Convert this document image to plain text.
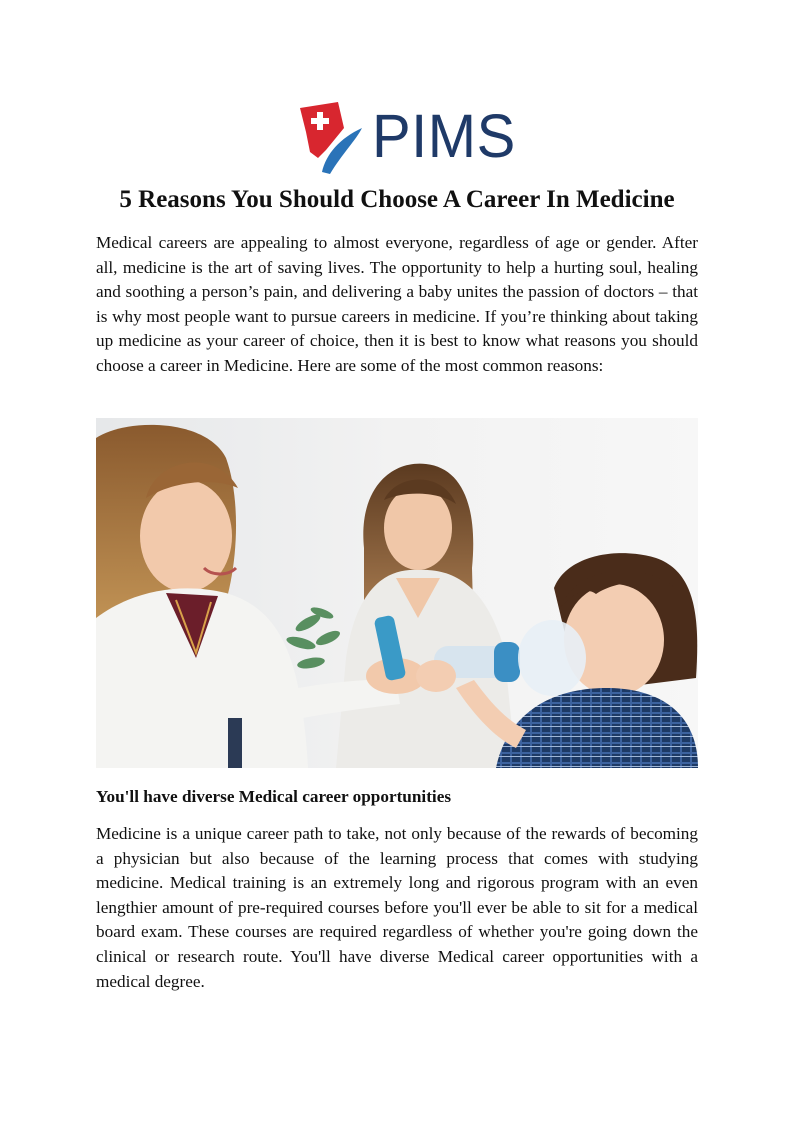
PIMS
5 Reasons You Should Choose A Career In Medicine

Medical careers are appealing to almost everyone, regardless of age or gender. After all, medicine is the art of saving lives. The opportunity to help a hurting soul, healing and soothing a person’s pain, and delivering a baby unites the passion of doctors – that is why most people want to pursue careers in medicine. If you’re thinking about taking up medicine as your career of choice, then it is best to know what reasons you should choose a career in Medicine. Here are some of the most common reasons:

You'll have diverse Medical career opportunities

Medicine is a unique career path to take, not only because of the rewards of becoming a physician but also because of the learning process that comes with studying medicine. Medical training is an extremely long and rigorous program with an even lengthier amount of pre-required courses before you'll ever be able to sit for a medical board exam. These courses are required regardless of whether you're going down the clinical or research route. You'll have diverse Medical career opportunities with a medical degree.
